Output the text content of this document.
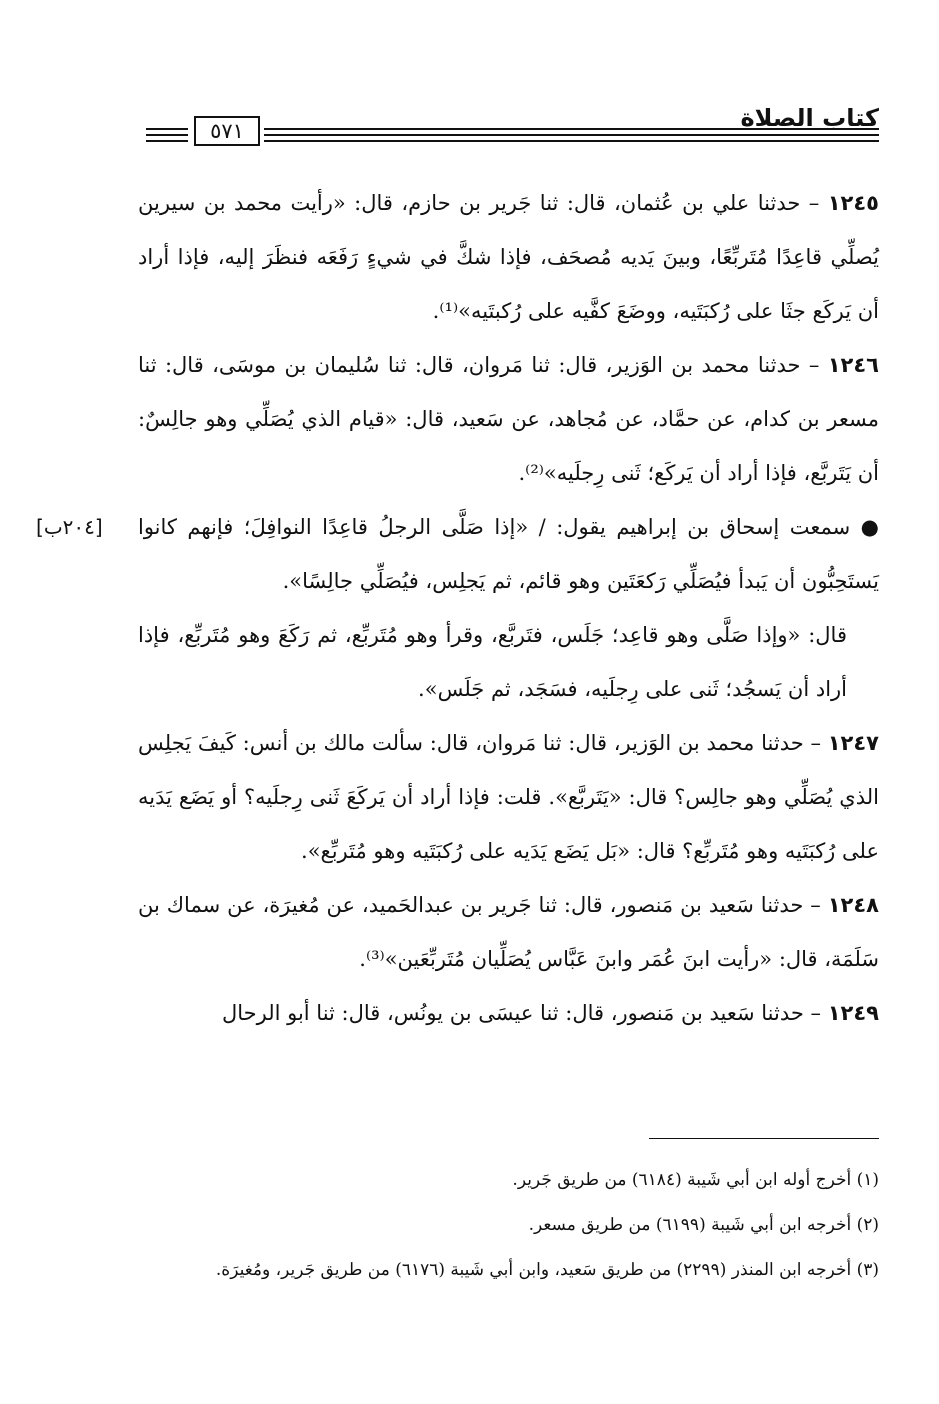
كتاب الصلاة
٥٧١

١٢٤٥ – حدثنا علي بن عُثمان، قال: ثنا جَرير بن حازم، قال: «رأيت محمد بن سيرين يُصلِّي قاعِدًا مُتَربِّعًا، وبينَ يَديه مُصحَف، فإذا شكَّ في شيءٍ رَفَعَه فنظَرَ إليه، فإذا أراد أن يَركَع جثَا على رُكبَتَيه، ووضَعَ كفَّيه على رُكبتَيه»⁽¹⁾.

١٢٤٦ – حدثنا محمد بن الوَزير، قال: ثنا مَروان، قال: ثنا سُليمان بن موسَى، قال: ثنا مسعر بن كدام، عن حمَّاد، عن مُجاهد، عن سَعيد، قال: «قيام الذي يُصَلِّي وهو جالِسٌ: أن يَتَربَّع، فإذا أراد أن يَركَع؛ ثَنى رِجلَيه»⁽²⁾.

[٢٠٤ب] ● سمعت إسحاق بن إبراهيم يقول: / «إذا صَلَّى الرجلُ قاعِدًا النوافِلَ؛ فإنهم كانوا يَستَحِبُّون أن يَبدأ فيُصَلِّي رَكعَتَين وهو قائم، ثم يَجلِس، فيُصَلِّي جالِسًا».

قال: «وإذا صَلَّى وهو قاعِد؛ جَلَس، فتَربَّع، وقرأ وهو مُتَربِّع، ثم رَكَعَ وهو مُتَربِّع، فإذا أراد أن يَسجُد؛ ثَنى على رِجلَيه، فسَجَد، ثم جَلَس».

١٢٤٧ – حدثنا محمد بن الوَزير، قال: ثنا مَروان، قال: سألت مالك بن أنس: كَيفَ يَجلِس الذي يُصَلِّي وهو جالِس؟ قال: «يَتَربَّع». قلت: فإذا أراد أن يَركَعَ ثَنى رِجلَيه؟ أو يَضَع يَدَيه على رُكبَتَيه وهو مُتَربِّع؟ قال: «بَل يَضَع يَدَيه على رُكبَتَيه وهو مُتَربِّع».

١٢٤٨ – حدثنا سَعيد بن مَنصور، قال: ثنا جَرير بن عبدالحَميد، عن مُغيرَة، عن سماك بن سَلَمَة، قال: «رأيت ابنَ عُمَر وابنَ عَبَّاس يُصَلِّيان مُتَربِّعَين»⁽³⁾.

١٢٤٩ – حدثنا سَعيد بن مَنصور، قال: ثنا عيسَى بن يونُس، قال: ثنا أبو الرحال

(١) أخرج أوله ابن أبي شَيبة (٦١٨٤) من طريق جَرير.

(٢) أخرجه ابن أبي شَيبة (٦١٩٩) من طريق مسعر.

(٣) أخرجه ابن المنذر (٢٢٩٩) من طريق سَعيد، وابن أبي شَيبة (٦١٧٦) من طريق جَرير، ومُغيرَة.
